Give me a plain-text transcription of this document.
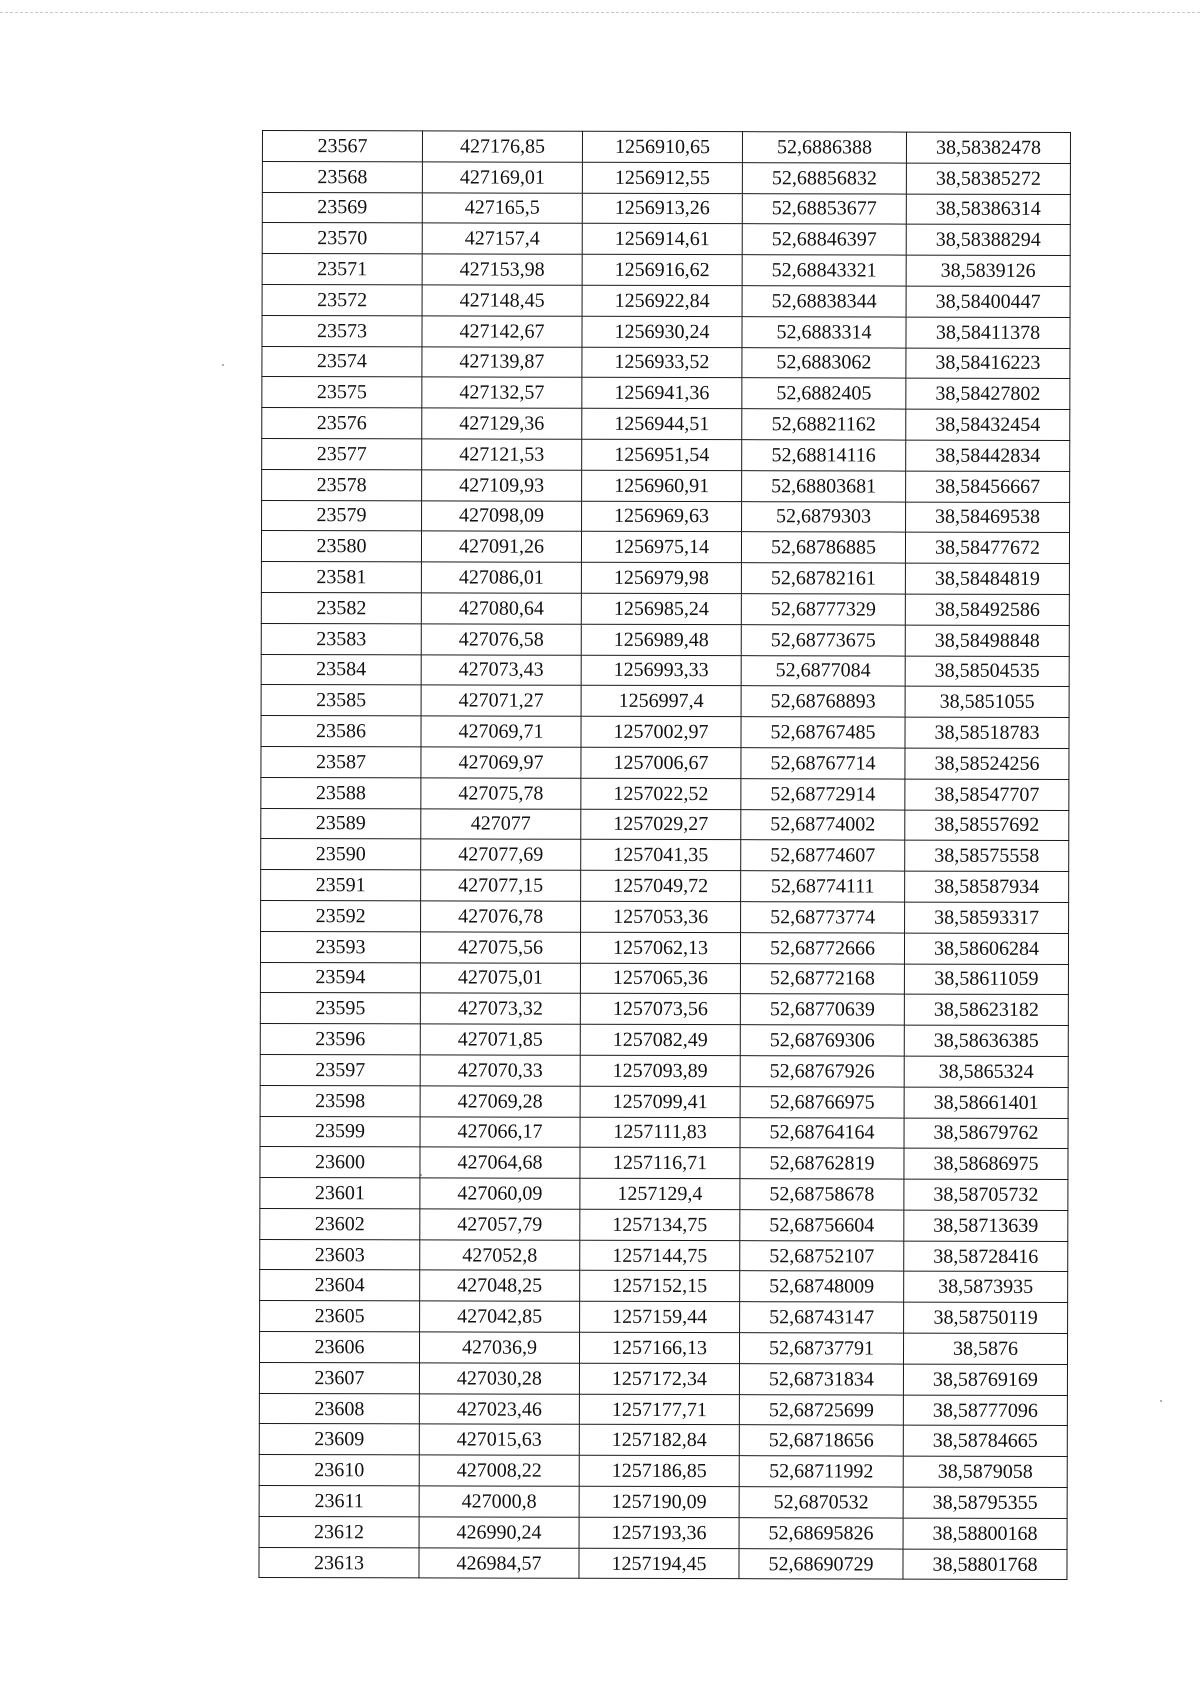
23567	427176,85	1256910,65	52,6886388	38,58382478
23568	427169,01	1256912,55	52,68856832	38,58385272
23569	427165,5	1256913,26	52,68853677	38,58386314
23570	427157,4	1256914,61	52,68846397	38,58388294
23571	427153,98	1256916,62	52,68843321	38,5839126
23572	427148,45	1256922,84	52,68838344	38,58400447
23573	427142,67	1256930,24	52,6883314	38,58411378
23574	427139,87	1256933,52	52,6883062	38,58416223
23575	427132,57	1256941,36	52,6882405	38,58427802
23576	427129,36	1256944,51	52,68821162	38,58432454
23577	427121,53	1256951,54	52,68814116	38,58442834
23578	427109,93	1256960,91	52,68803681	38,58456667
23579	427098,09	1256969,63	52,6879303	38,58469538
23580	427091,26	1256975,14	52,68786885	38,58477672
23581	427086,01	1256979,98	52,68782161	38,58484819
23582	427080,64	1256985,24	52,68777329	38,58492586
23583	427076,58	1256989,48	52,68773675	38,58498848
23584	427073,43	1256993,33	52,6877084	38,58504535
23585	427071,27	1256997,4	52,68768893	38,5851055
23586	427069,71	1257002,97	52,68767485	38,58518783
23587	427069,97	1257006,67	52,68767714	38,58524256
23588	427075,78	1257022,52	52,68772914	38,58547707
23589	427077	1257029,27	52,68774002	38,58557692
23590	427077,69	1257041,35	52,68774607	38,58575558
23591	427077,15	1257049,72	52,68774111	38,58587934
23592	427076,78	1257053,36	52,68773774	38,58593317
23593	427075,56	1257062,13	52,68772666	38,58606284
23594	427075,01	1257065,36	52,68772168	38,58611059
23595	427073,32	1257073,56	52,68770639	38,58623182
23596	427071,85	1257082,49	52,68769306	38,58636385
23597	427070,33	1257093,89	52,68767926	38,5865324
23598	427069,28	1257099,41	52,68766975	38,58661401
23599	427066,17	1257111,83	52,68764164	38,58679762
23600	427064,68	1257116,71	52,68762819	38,58686975
23601	427060,09	1257129,4	52,68758678	38,58705732
23602	427057,79	1257134,75	52,68756604	38,58713639
23603	427052,8	1257144,75	52,68752107	38,58728416
23604	427048,25	1257152,15	52,68748009	38,5873935
23605	427042,85	1257159,44	52,68743147	38,58750119
23606	427036,9	1257166,13	52,68737791	38,5876
23607	427030,28	1257172,34	52,68731834	38,58769169
23608	427023,46	1257177,71	52,68725699	38,58777096
23609	427015,63	1257182,84	52,68718656	38,58784665
23610	427008,22	1257186,85	52,68711992	38,5879058
23611	427000,8	1257190,09	52,6870532	38,58795355
23612	426990,24	1257193,36	52,68695826	38,58800168
23613	426984,57	1257194,45	52,68690729	38,58801768
